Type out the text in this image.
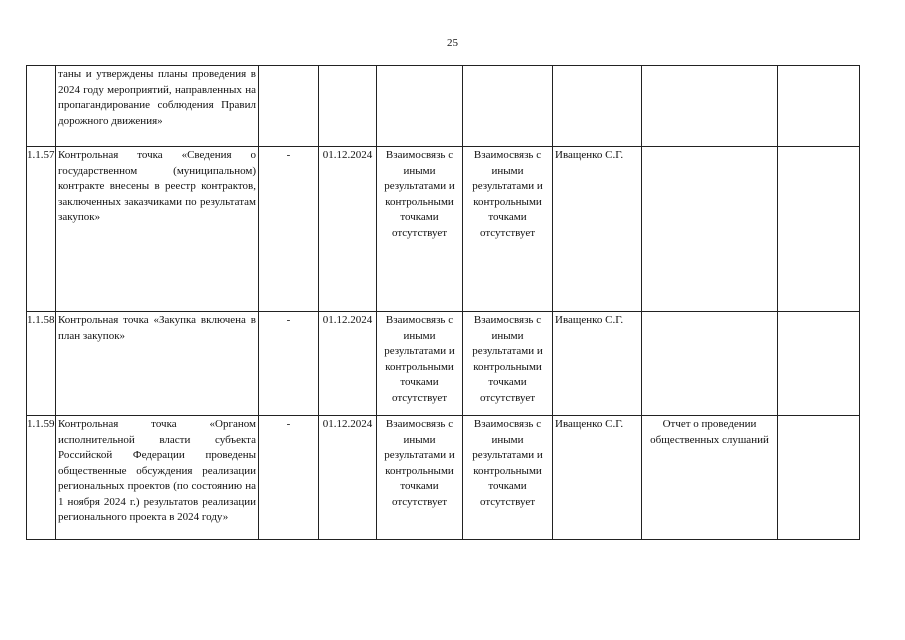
25
	таны и утверждены планы проведения в 2024 году мероприятий, направленных на пропагандирование соблюдения Правил дорожного движения»							
1.1.57	Контрольная точка «Сведения о государственном (муниципальном) контракте внесены в реестр контрактов, заключенных заказчиками по результатам закупок»	-	01.12.2024	Взаимосвязь с иными результатами и контрольными точками отсутствует	Взаимосвязь с иными результатами и контрольными точками отсутствует	Иващенко С.Г.		
1.1.58	Контрольная точка «Закупка включена в план закупок»	-	01.12.2024	Взаимосвязь с иными результатами и контрольными точками отсутствует	Взаимосвязь с иными результатами и контрольными точками отсутствует	Иващенко С.Г.		
1.1.59	Контрольная точка «Органом исполнительной власти субъекта Российской Федерации проведены общественные обсуждения реализации региональных проектов (по состоянию на 1 ноября 2024 г.) результатов реализации регионального проекта в 2024 году»	-	01.12.2024	Взаимосвязь с иными результатами и контрольными точками отсутствует	Взаимосвязь с иными результатами и контрольными точками отсутствует	Иващенко С.Г.	Отчет о проведении общественных слушаний	
